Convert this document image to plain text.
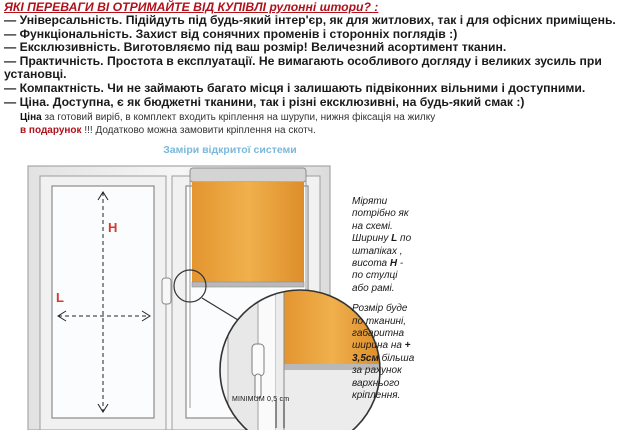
ЯКІ ПЕРЕВАГИ ВІ ОТРИМАЙТЕ ВІД КУПІВЛІ рулонні штори? :

— Універсальність. Підійдуть під будь-який інтер'єр, як для житлових, так і для офісних приміщень.

— Функціональність. Захист від сонячних променів і сторонніх поглядів :)

— Ексклюзивність. Виготовляємо під ваш розмір! Величезний асортимент тканин.

— Практичність. Простота в експлуатації. Не вимагають особливого догляду і великих зусиль при установці.

— Компактність. Чи не займають багато місця і залишають підвіконних вільними і доступними.

— Ціна. Доступна, є як бюджетні тканини, так і різні ексклюзивні, на будь-який смак :)

Ціна за готовий виріб, в комплект входить кріплення на шурупи, нижня фіксація на жилку в подарунок !!! Додатково можна замовити кріплення на скотч.
Заміри відкритої системи
H
L
MINIMUM 0,5 cm
Міряти потрібно як на схемі. Ширину L по штапіках , висота H - по стулці або рамі.
Розмір буде по тканині, габаритна ширина на + 3,5см більша за рахунок вархнього кріплення.
